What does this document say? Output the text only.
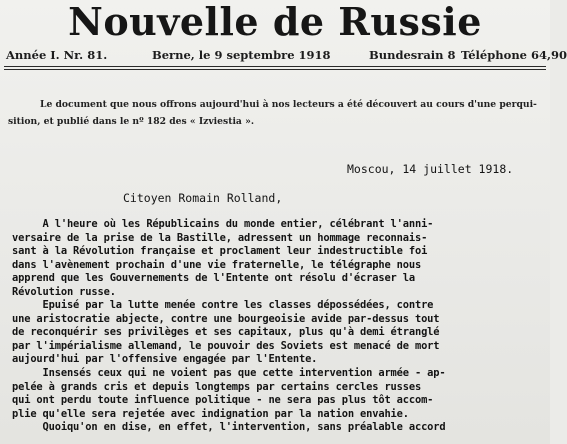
Nouvelle de Russie
Année I. Nr. 81.	Berne, le 9 septembre 1918	Bundesrain 8 Téléphone 64,90
Le document que nous offrons aujourd'hui à nos lecteurs a été découvert au cours d'une perqui-
sition, et publié dans le nº 182 des « Izviestia ».
Moscou, 14 juillet 1918.
Citoyen Romain Rolland,
A l'heure où les Républicains du monde entier, célébrant l'anni-
versaire de la prise de la Bastille, adressent un hommage reconnais-
sant à la Révolution française et proclament leur indestructible foi
dans l'avènement prochain d'une vie fraternelle, le télégraphe nous
apprend que les Gouvernements de l'Entente ont résolu d'écraser la
Révolution russe.
Epuisé par la lutte menée contre les classes dépossédées, contre
une aristocratie abjecte, contre une bourgeoisie avide par-dessus tout
de reconquérir ses privilèges et ses capitaux, plus qu'à demi étranglé
par l'impérialisme allemand, le pouvoir des Soviets est menacé de mort
aujourd'hui par l'offensive engagée par l'Entente.
Insensés ceux qui ne voient pas que cette intervention armée - ap-
pelée à grands cris et depuis longtemps par certains cercles russes
qui ont perdu toute influence politique - ne sera pas plus tôt accom-
plie qu'elle sera rejetée avec indignation par la nation envahie.
Quoiqu'on en dise, en effet, l'intervention, sans préalable accord
